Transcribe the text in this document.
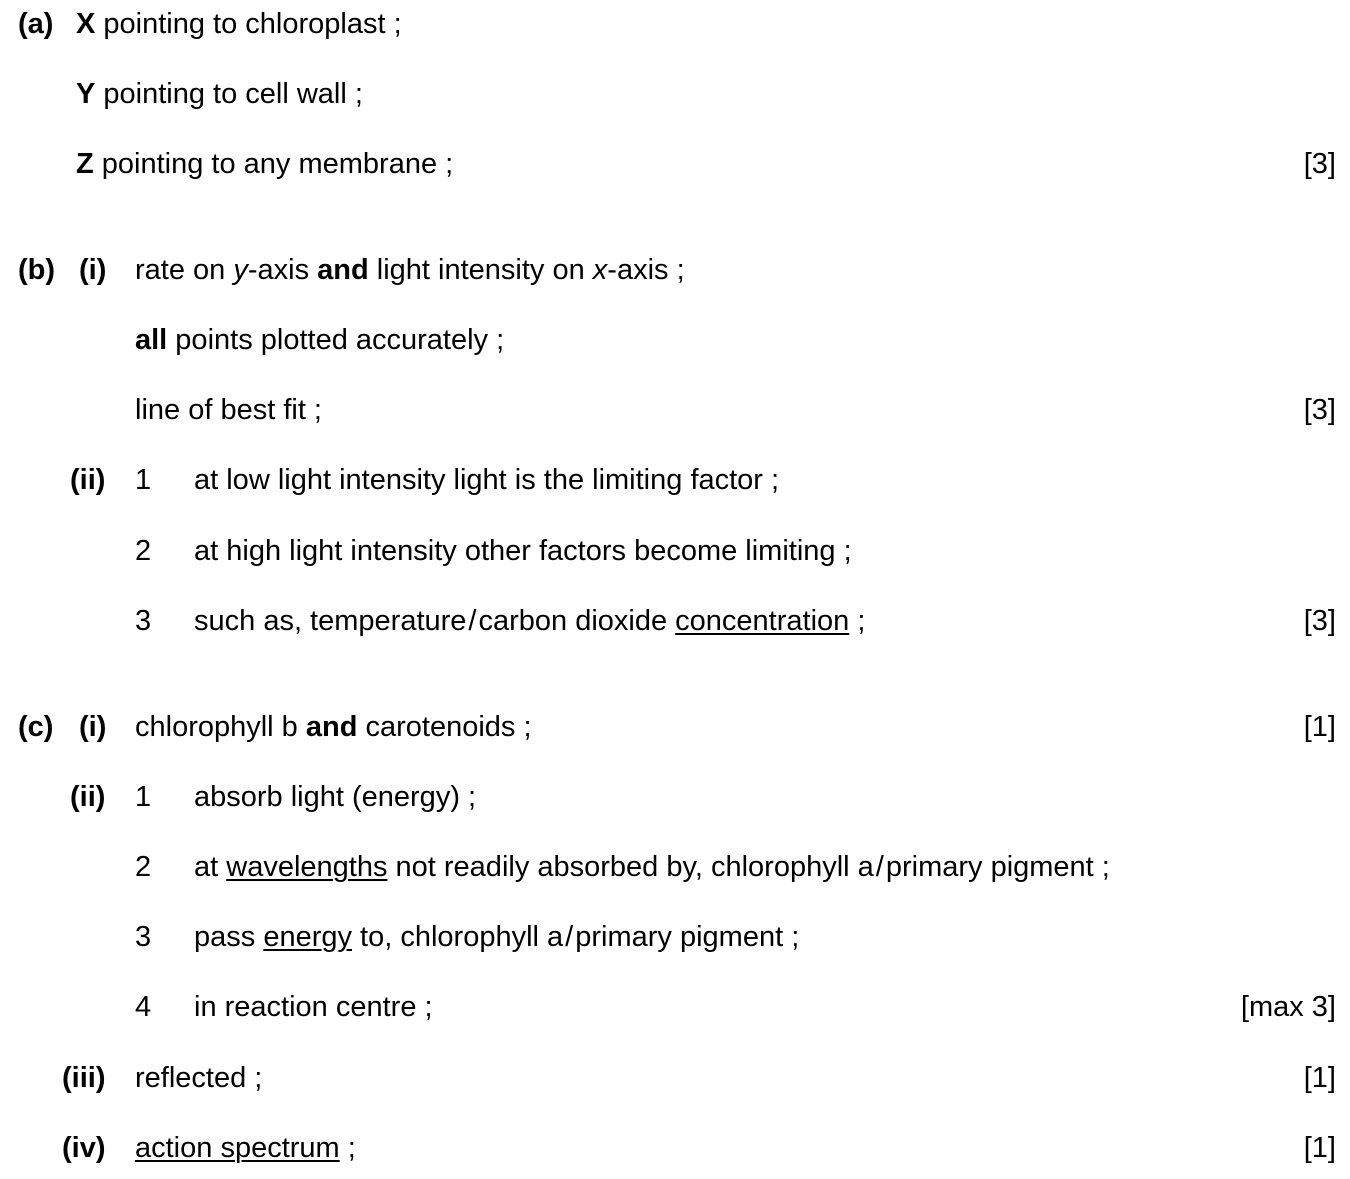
(a) X pointing to chloroplast ;
Y pointing to cell wall ;
Z pointing to any membrane ;	[3]
(b) (i) rate on y-axis and light intensity on x-axis ;
all points plotted accurately ;
line of best fit ;	[3]
(ii) 1 at low light intensity light is the limiting factor ;
2 at high light intensity other factors become limiting ;
3 such as, temperature/carbon dioxide concentration ;	[3]
(c) (i) chlorophyll b and carotenoids ;	[1]
(ii) 1 absorb light (energy) ;
2 at wavelengths not readily absorbed by, chlorophyll a/primary pigment ;
3 pass energy to, chlorophyll a/primary pigment ;
4 in reaction centre ;	[max 3]
(iii) reflected ;	[1]
(iv) action spectrum ;	[1]
